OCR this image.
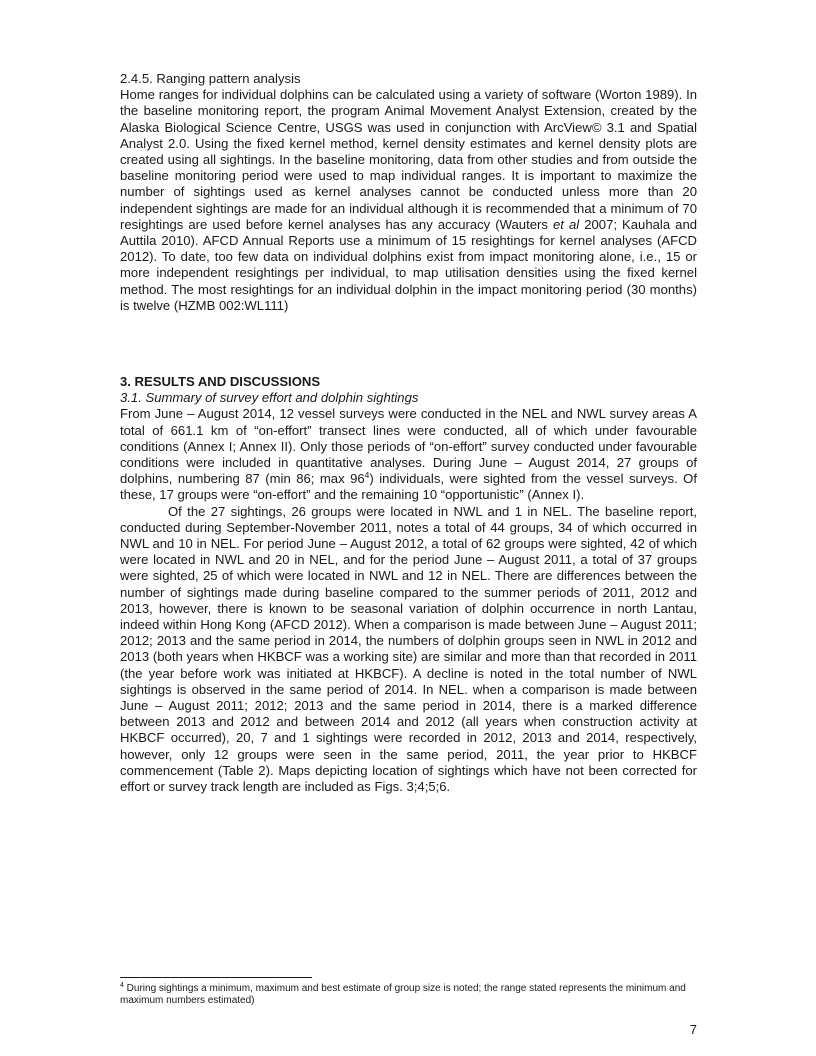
2.4.5. Ranging pattern analysis

Home ranges for individual dolphins can be calculated using a variety of software (Worton 1989). In the baseline monitoring report, the program Animal Movement Analyst Extension, created by the Alaska Biological Science Centre, USGS was used in conjunction with ArcView© 3.1 and Spatial Analyst 2.0. Using the fixed kernel method, kernel density estimates and kernel density plots are created using all sightings. In the baseline monitoring, data from other studies and from outside the baseline monitoring period were used to map individual ranges. It is important to maximize the number of sightings used as kernel analyses cannot be conducted unless more than 20 independent sightings are made for an individual although it is recommended that a minimum of 70 resightings are used before kernel analyses has any accuracy (Wauters et al 2007; Kauhala and Auttila 2010). AFCD Annual Reports use a minimum of 15 resightings for kernel analyses (AFCD 2012). To date, too few data on individual dolphins exist from impact monitoring alone, i.e., 15 or more independent resightings per individual, to map utilisation densities using the fixed kernel method. The most resightings for an individual dolphin in the impact monitoring period (30 months) is twelve (HZMB 002:WL111)

3. RESULTS AND DISCUSSIONS

3.1. Summary of survey effort and dolphin sightings

From June – August 2014, 12 vessel surveys were conducted in the NEL and NWL survey areas A total of 661.1 km of “on-effort” transect lines were conducted, all of which under favourable conditions (Annex I; Annex II). Only those periods of “on-effort” survey conducted under favourable conditions were included in quantitative analyses. During June – August 2014, 27 groups of dolphins, numbering 87 (min 86; $\max 96^4$) individuals, were sighted from the vessel surveys. Of these, 17 groups were “on-effort” and the remaining 10 “opportunistic” (Annex I).

Of the 27 sightings, 26 groups were located in NWL and 1 in NEL. The baseline report, conducted during September-November 2011, notes a total of 44 groups, 34 of which occurred in NWL and 10 in NEL. For period June – August 2012, a total of 62 groups were sighted, 42 of which were located in NWL and 20 in NEL, and for the period June – August 2011, a total of 37 groups were sighted, 25 of which were located in NWL and 12 in NEL. There are differences between the number of sightings made during baseline compared to the summer periods of 2011, 2012 and 2013, however, there is known to be seasonal variation of dolphin occurrence in north Lantau, indeed within Hong Kong (AFCD 2012). When a comparison is made between June – August 2011; 2012; 2013 and the same period in 2014, the numbers of dolphin groups seen in NWL in 2012 and 2013 (both years when HKBCF was a working site) are similar and more than that recorded in 2011 (the year before work was initiated at HKBCF). A decline is noted in the total number of NWL sightings is observed in the same period of 2014. In NEL. when a comparison is made between June – August 2011; 2012; 2013 and the same period in 2014, there is a marked difference between 2013 and 2012 and between 2014 and 2012 (all years when construction activity at HKBCF occurred), 20, 7 and 1 sightings were recorded in 2012, 2013 and 2014, respectively, however, only 12 groups were seen in the same period, 2011, the year prior to HKBCF commencement (Table 2). Maps depicting location of sightings which have not been corrected for effort or survey track length are included as Figs. 3;4;5;6.

$^4$ During sightings a minimum, maximum and best estimate of group size is noted; the range stated represents the minimum and maximum numbers estimated)
7
